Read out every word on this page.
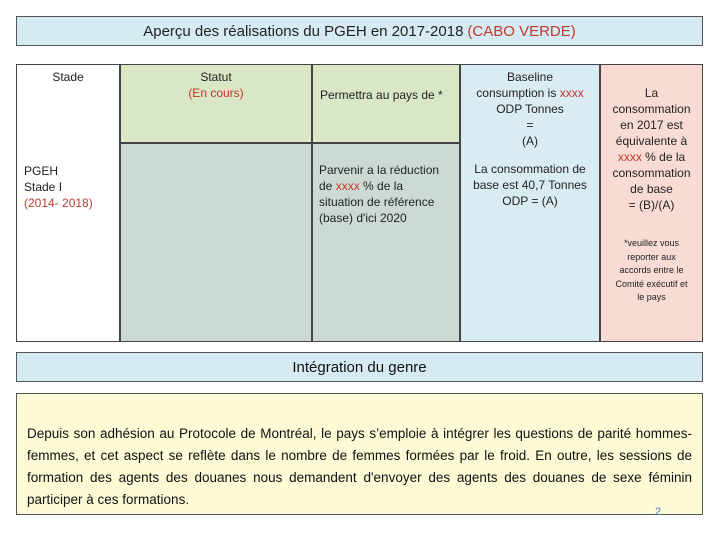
Aperçu des réalisations du PGEH en 2017-2018 (CABO VERDE)
Stade
PGEH
Stade I
(2014- 2018)
Statut
(En cours)	Permettra au pays de *
Parvenir a la réduction
de xxxx % de la
situation de référence
(base) d'ici 2020
Baseline
consumption is xxxx
ODP Tonnes
=
(A)
La consommation de
base est 40,7 Tonnes
ODP = (A)
La
consommation
en 2017 est
équivalente à
xxxx % de la
consommation
de base
= (B)/(A)
*veuillez vous
reporter aux
accords entre le
Comité exécutif et
le pays
Intégration du genre
Depuis son adhésion au Protocole de Montréal, le pays s’emploie à intégrer les questions de parité hommes-femmes, et cet aspect se reflète dans le nombre de femmes formées par le froid. En outre, les sessions de formation des agents des douanes nous demandent d'envoyer des agents des douanes de sexe féminin participer à ces formations.
2
